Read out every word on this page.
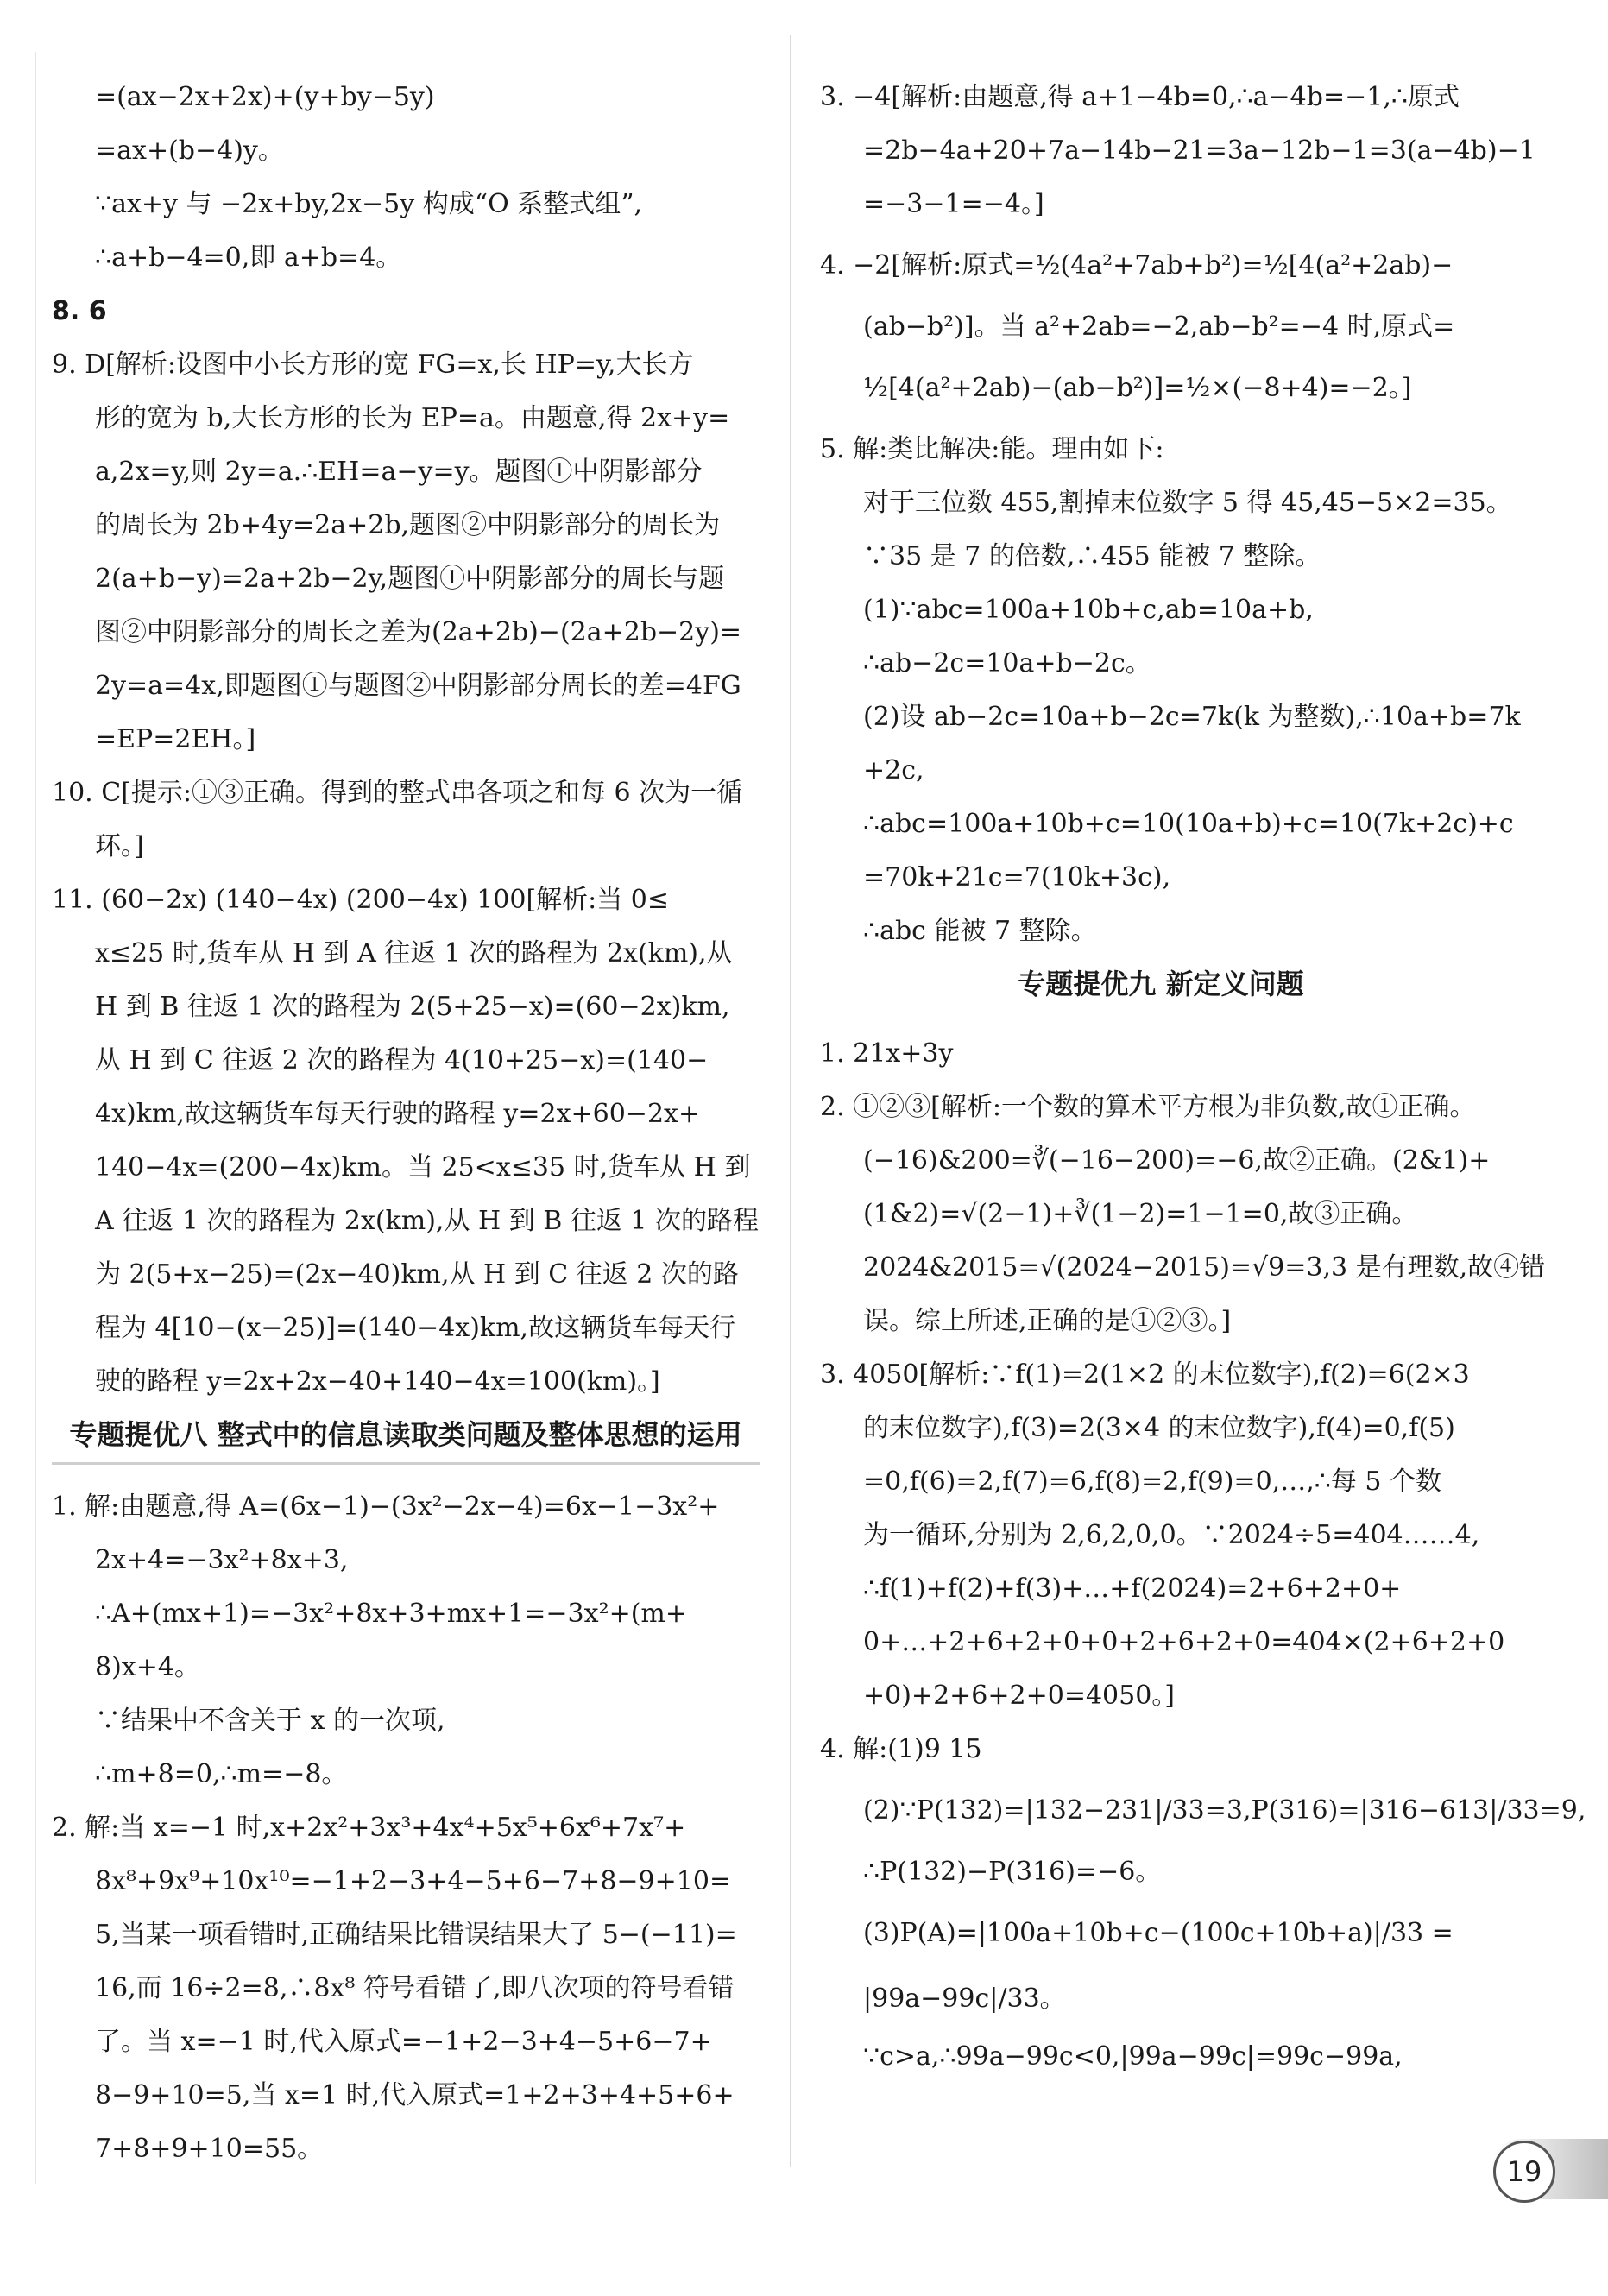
=(ax−2x+2x)+(y+by−5y)
=ax+(b−4)y。
∵ax+y 与 −2x+by,2x−5y 构成“O 系整式组”,
∴a+b−4=0,即 a+b=4。
8. 6
9. D[解析:设图中小长方形的宽 FG=x,长 HP=y,大长方
形的宽为 b,大长方形的长为 EP=a。由题意,得 2x+y=
a,2x=y,则 2y=a.∴EH=a−y=y。题图①中阴影部分
的周长为 2b+4y=2a+2b,题图②中阴影部分的周长为
2(a+b−y)=2a+2b−2y,题图①中阴影部分的周长与题
图②中阴影部分的周长之差为(2a+2b)−(2a+2b−2y)=
2y=a=4x,即题图①与题图②中阴影部分周长的差=4FG
=EP=2EH。]
10. C[提示:①③正确。得到的整式串各项之和每 6 次为一循
环。]
11. (60−2x) (140−4x) (200−4x) 100[解析:当 0≤
x≤25 时,货车从 H 到 A 往返 1 次的路程为 2x(km),从
H 到 B 往返 1 次的路程为 2(5+25−x)=(60−2x)km,
从 H 到 C 往返 2 次的路程为 4(10+25−x)=(140−
4x)km,故这辆货车每天行驶的路程 y=2x+60−2x+
140−4x=(200−4x)km。当 25<x≤35 时,货车从 H 到
A 往返 1 次的路程为 2x(km),从 H 到 B 往返 1 次的路程
为 2(5+x−25)=(2x−40)km,从 H 到 C 往返 2 次的路
程为 4[10−(x−25)]=(140−4x)km,故这辆货车每天行
驶的路程 y=2x+2x−40+140−4x=100(km)。]
专题提优八 整式中的信息读取类问题及整体思想的运用
1. 解:由题意,得 A=(6x−1)−(3x²−2x−4)=6x−1−3x²+
2x+4=−3x²+8x+3,
∴A+(mx+1)=−3x²+8x+3+mx+1=−3x²+(m+
8)x+4。
∵结果中不含关于 x 的一次项,
∴m+8=0,∴m=−8。
2. 解:当 x=−1 时,x+2x²+3x³+4x⁴+5x⁵+6x⁶+7x⁷+
8x⁸+9x⁹+10x¹⁰=−1+2−3+4−5+6−7+8−9+10=
5,当某一项看错时,正确结果比错误结果大了 5−(−11)=
16,而 16÷2=8,∴8x⁸ 符号看错了,即八次项的符号看错
了。当 x=−1 时,代入原式=−1+2−3+4−5+6−7+
8−9+10=5,当 x=1 时,代入原式=1+2+3+4+5+6+
7+8+9+10=55。
3. −4[解析:由题意,得 a+1−4b=0,∴a−4b=−1,∴原式
=2b−4a+20+7a−14b−21=3a−12b−1=3(a−4b)−1
=−3−1=−4。]
4. −2[解析:原式=½(4a²+7ab+b²)=½[4(a²+2ab)−
(ab−b²)]。当 a²+2ab=−2,ab−b²=−4 时,原式=
½[4(a²+2ab)−(ab−b²)]=½×(−8+4)=−2。]
5. 解:类比解决:能。理由如下:
对于三位数 455,割掉末位数字 5 得 45,45−5×2=35。
∵35 是 7 的倍数,∴455 能被 7 整除。
(1)∵abc=100a+10b+c,ab=10a+b,
∴ab−2c=10a+b−2c。
(2)设 ab−2c=10a+b−2c=7k(k 为整数),∴10a+b=7k
+2c,
∴abc=100a+10b+c=10(10a+b)+c=10(7k+2c)+c
=70k+21c=7(10k+3c),
∴abc 能被 7 整除。
专题提优九 新定义问题
1. 21x+3y
2. ①②③[解析:一个数的算术平方根为非负数,故①正确。
(−16)&200=∛(−16−200)=−6,故②正确。(2&1)+
(1&2)=√(2−1)+∛(1−2)=1−1=0,故③正确。
2024&2015=√(2024−2015)=√9=3,3 是有理数,故④错
误。综上所述,正确的是①②③。]
3. 4050[解析:∵f(1)=2(1×2 的末位数字),f(2)=6(2×3
的末位数字),f(3)=2(3×4 的末位数字),f(4)=0,f(5)
=0,f(6)=2,f(7)=6,f(8)=2,f(9)=0,…,∴每 5 个数
为一循环,分别为 2,6,2,0,0。∵2024÷5=404……4,
∴f(1)+f(2)+f(3)+…+f(2024)=2+6+2+0+
0+…+2+6+2+0+0+2+6+2+0=404×(2+6+2+0
+0)+2+6+2+0=4050。]
4. 解:(1)9 15
(2)∵P(132)=|132−231|/33=3,P(316)=|316−613|/33=9,
∴P(132)−P(316)=−6。
(3)P(A)=|100a+10b+c−(100c+10b+a)|/33 =
|99a−99c|/33。
∵c>a,∴99a−99c<0,|99a−99c|=99c−99a,
19
